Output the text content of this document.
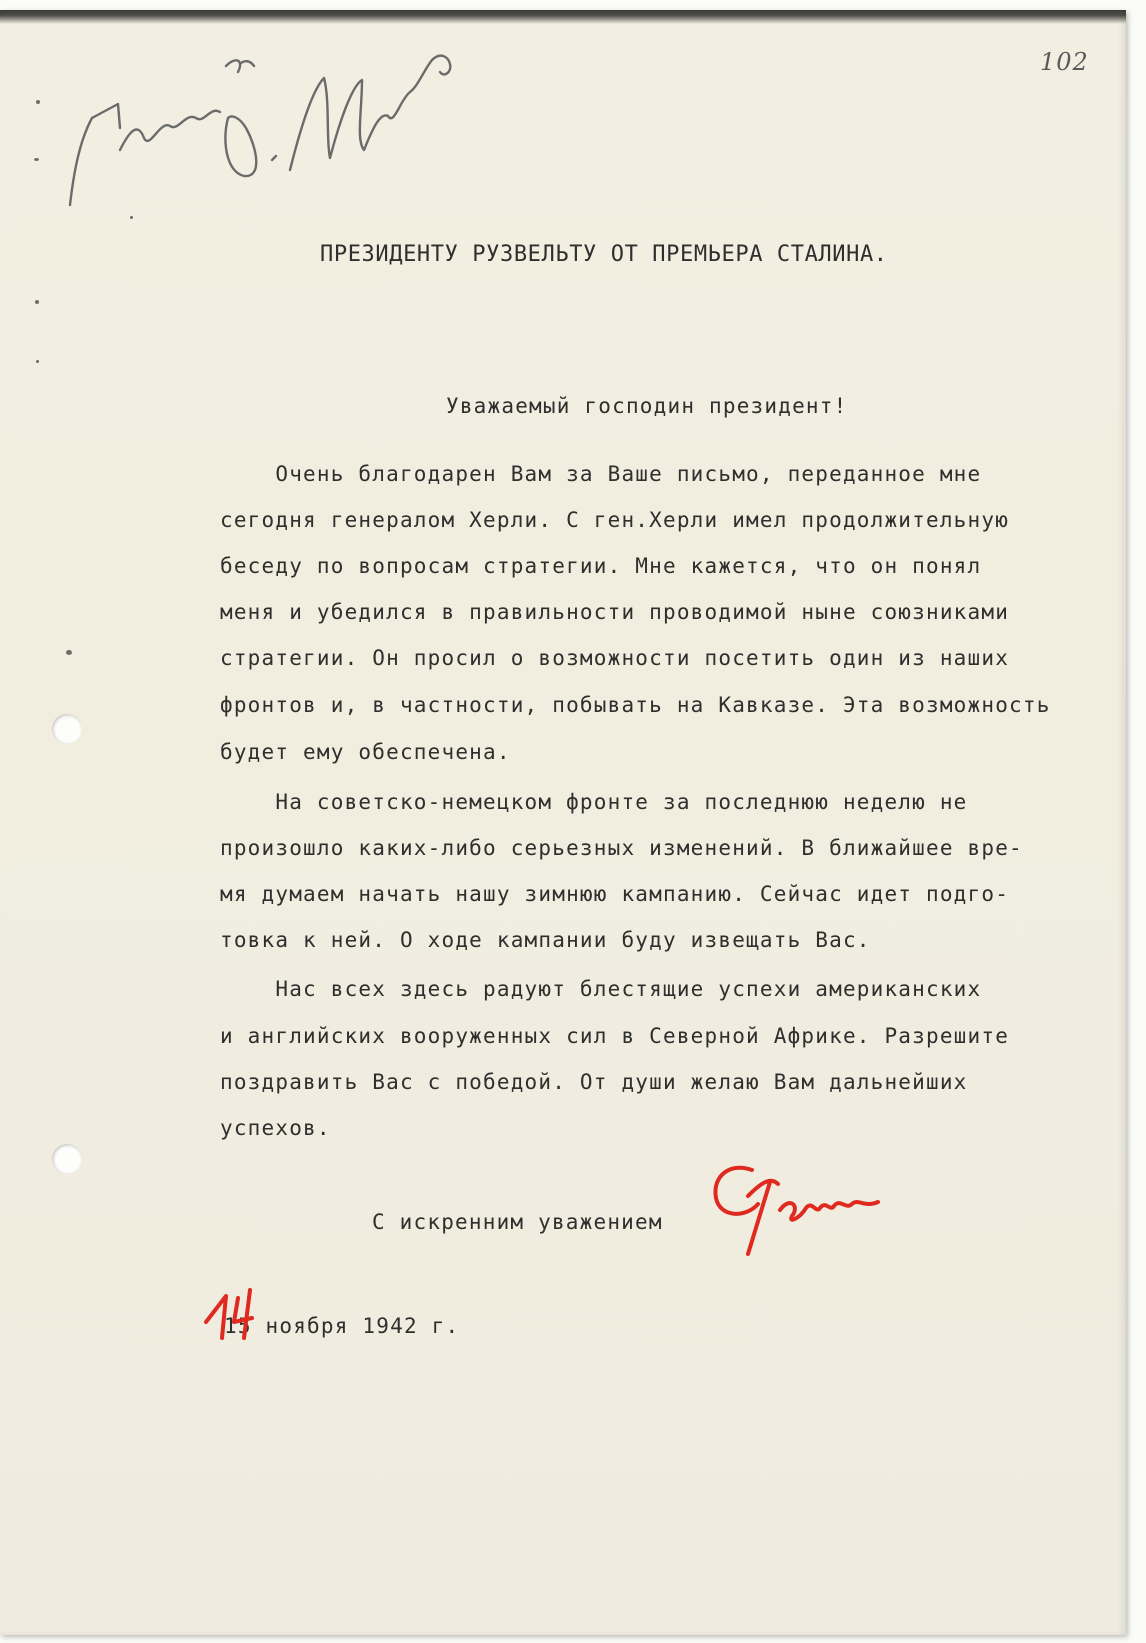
102
ПРЕЗИДЕНТУ РУЗВЕЛЬТУ ОТ ПРЕМЬЕРА СТАЛИНА.
Уважаемый господин президент!
Очень благодарен Вам за Ваше письмо, переданное мне
сегодня генералом Херли. С ген.Херли имел продолжительную
беседу по вопросам стратегии. Мне кажется, что он понял
меня и убедился в правильности проводимой ныне союзниками
стратегии. Он просил о возможности посетить один из наших
фронтов и, в частности, побывать на Кавказе. Эта возможность
будет ему обеспечена.
На советско-немецком фронте за последнюю неделю не
произошло каких-либо серьезных изменений. В ближайшее вре-
мя думаем начать нашу зимнюю кампанию. Сейчас идет подго-
товка к ней. О ходе кампании буду извещать Вас.
Нас всех здесь радуют блестящие успехи американских
и английских вооруженных сил в Северной Африке. Разрешите
поздравить Вас с победой. От души желаю Вам дальнейших
успехов.
С искренним уважением
15 ноября 1942 г.
